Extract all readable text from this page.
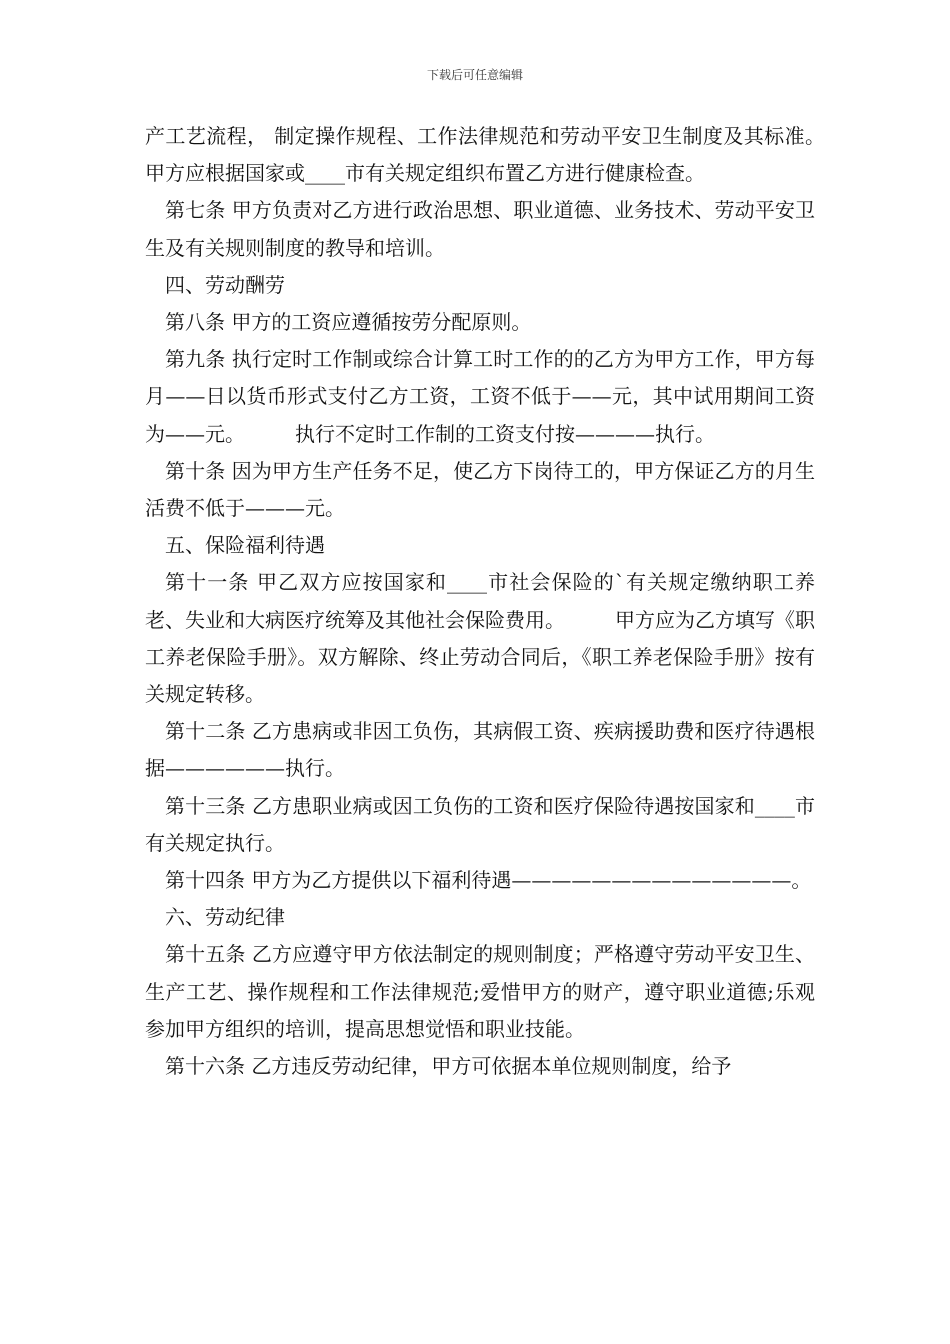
下载后可任意编辑

产工艺流程， 制定操作规程、工作法律规范和劳动平安卫生制度及其标准。　　　甲方应根据国家或____市有关规定组织布置乙方进行健康检查。

第七条 甲方负责对乙方进行政治思想、职业道德、业务技术、劳动平安卫生及有关规则制度的教导和培训。

四、劳动酬劳

第八条 甲方的工资应遵循按劳分配原则。

第九条 执行定时工作制或综合计算工时工作的的乙方为甲方工作，甲方每月——日以货币形式支付乙方工资，工资不低于——元，其中试用期间工资为——元。　　　执行不定时工作制的工资支付按————执行。

第十条 因为甲方生产任务不足，使乙方下岗待工的，甲方保证乙方的月生活费不低于———元。

五、保险福利待遇

第十一条 甲乙双方应按国家和____市社会保险的`有关规定缴纳职工养老、失业和大病医疗统筹及其他社会保险费用。　　　甲方应为乙方填写《职工养老保险手册》。双方解除、终止劳动合同后，《职工养老保险手册》按有关规定转移。

第十二条 乙方患病或非因工负伤，其病假工资、疾病援助费和医疗待遇根据——————执行。

第十三条 乙方患职业病或因工负伤的工资和医疗保险待遇按国家和____市有关规定执行。

第十四条 甲方为乙方提供以下福利待遇——————————————。

六、劳动纪律

第十五条 乙方应遵守甲方依法制定的规则制度；严格遵守劳动平安卫生、生产工艺、操作规程和工作法律规范;爱惜甲方的财产，遵守职业道德;乐观参加甲方组织的培训，提高思想觉悟和职业技能。

第十六条 乙方违反劳动纪律，甲方可依据本单位规则制度，给予
